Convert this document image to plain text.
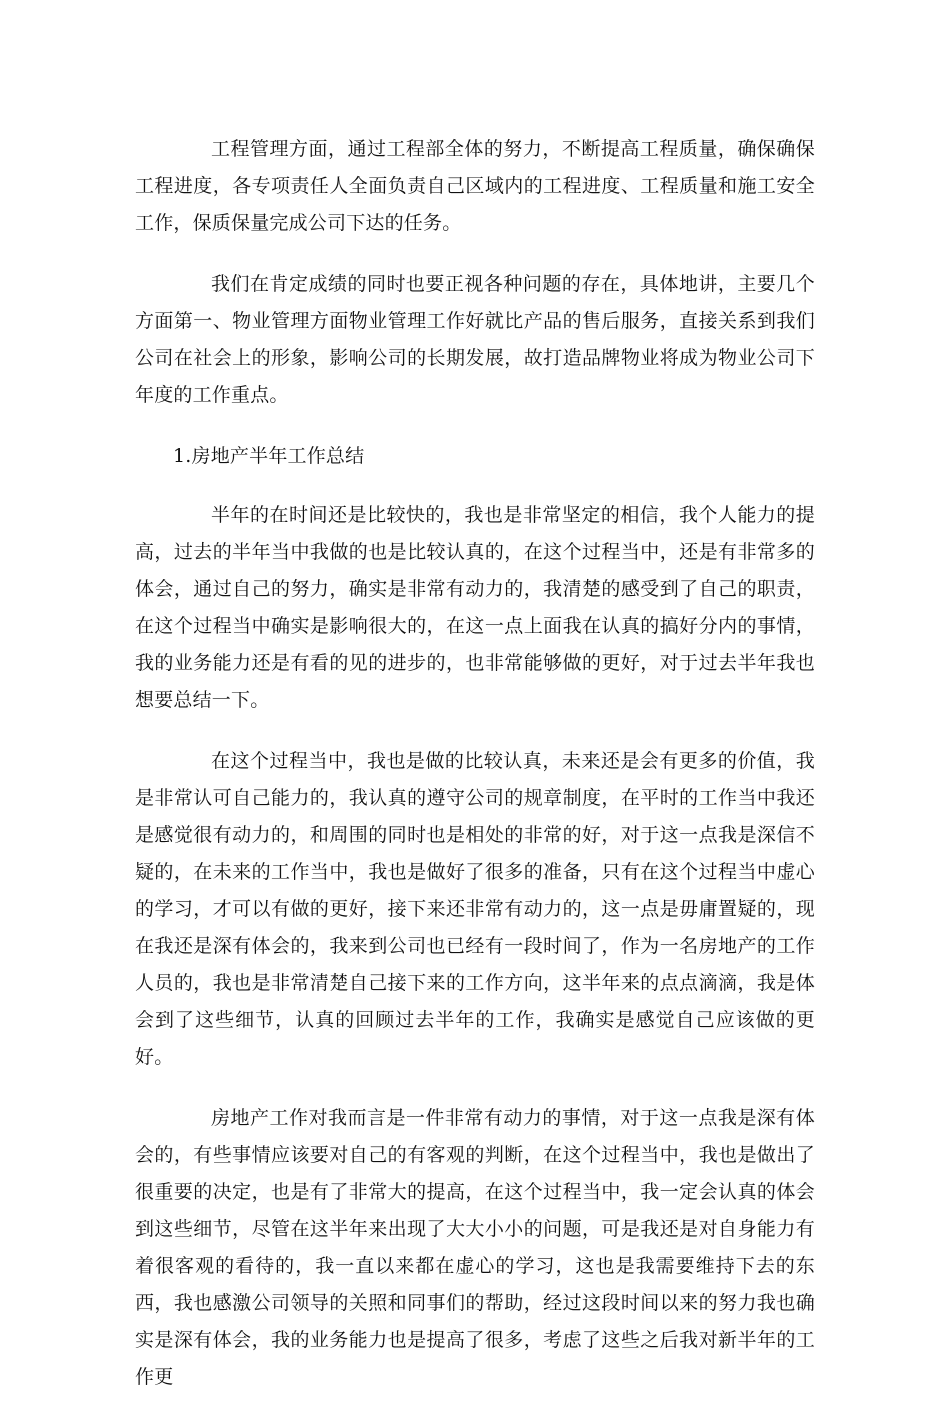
工程管理方面，通过工程部全体的努力，不断提高工程质量，确保确保工程进度，各专项责任人全面负责自己区域内的工程进度、工程质量和施工安全工作，保质保量完成公司下达的任务。

我们在肯定成绩的同时也要正视各种问题的存在，具体地讲，主要几个方面第一、物业管理方面物业管理工作好就比产品的售后服务，直接关系到我们公司在社会上的形象，影响公司的长期发展，故打造品牌物业将成为物业公司下年度的工作重点。

1.房地产半年工作总结

半年的在时间还是比较快的，我也是非常坚定的相信，我个人能力的提高，过去的半年当中我做的也是比较认真的，在这个过程当中，还是有非常多的体会，通过自己的努力，确实是非常有动力的，我清楚的感受到了自己的职责，在这个过程当中确实是影响很大的，在这一点上面我在认真的搞好分内的事情，我的业务能力还是有看的见的进步的，也非常能够做的更好，对于过去半年我也想要总结一下。

在这个过程当中，我也是做的比较认真，未来还是会有更多的价值，我是非常认可自己能力的，我认真的遵守公司的规章制度，在平时的工作当中我还是感觉很有动力的，和周围的同时也是相处的非常的好，对于这一点我是深信不疑的，在未来的工作当中，我也是做好了很多的准备，只有在这个过程当中虚心的学习，才可以有做的更好，接下来还非常有动力的，这一点是毋庸置疑的，现在我还是深有体会的，我来到公司也已经有一段时间了，作为一名房地产的工作人员的，我也是非常清楚自己接下来的工作方向，这半年来的点点滴滴，我是体会到了这些细节，认真的回顾过去半年的工作，我确实是感觉自己应该做的更好。

房地产工作对我而言是一件非常有动力的事情，对于这一点我是深有体会的，有些事情应该要对自己的有客观的判断，在这个过程当中，我也是做出了很重要的决定，也是有了非常大的提高，在这个过程当中，我一定会认真的体会到这些细节，尽管在这半年来出现了大大小小的问题，可是我还是对自身能力有着很客观的看待的，我一直以来都在虚心的学习，这也是我需要维持下去的东西，我也感激公司领导的关照和同事们的帮助，经过这段时间以来的努力我也确实是深有体会，我的业务能力也是提高了很多，考虑了这些之后我对新半年的工作更
